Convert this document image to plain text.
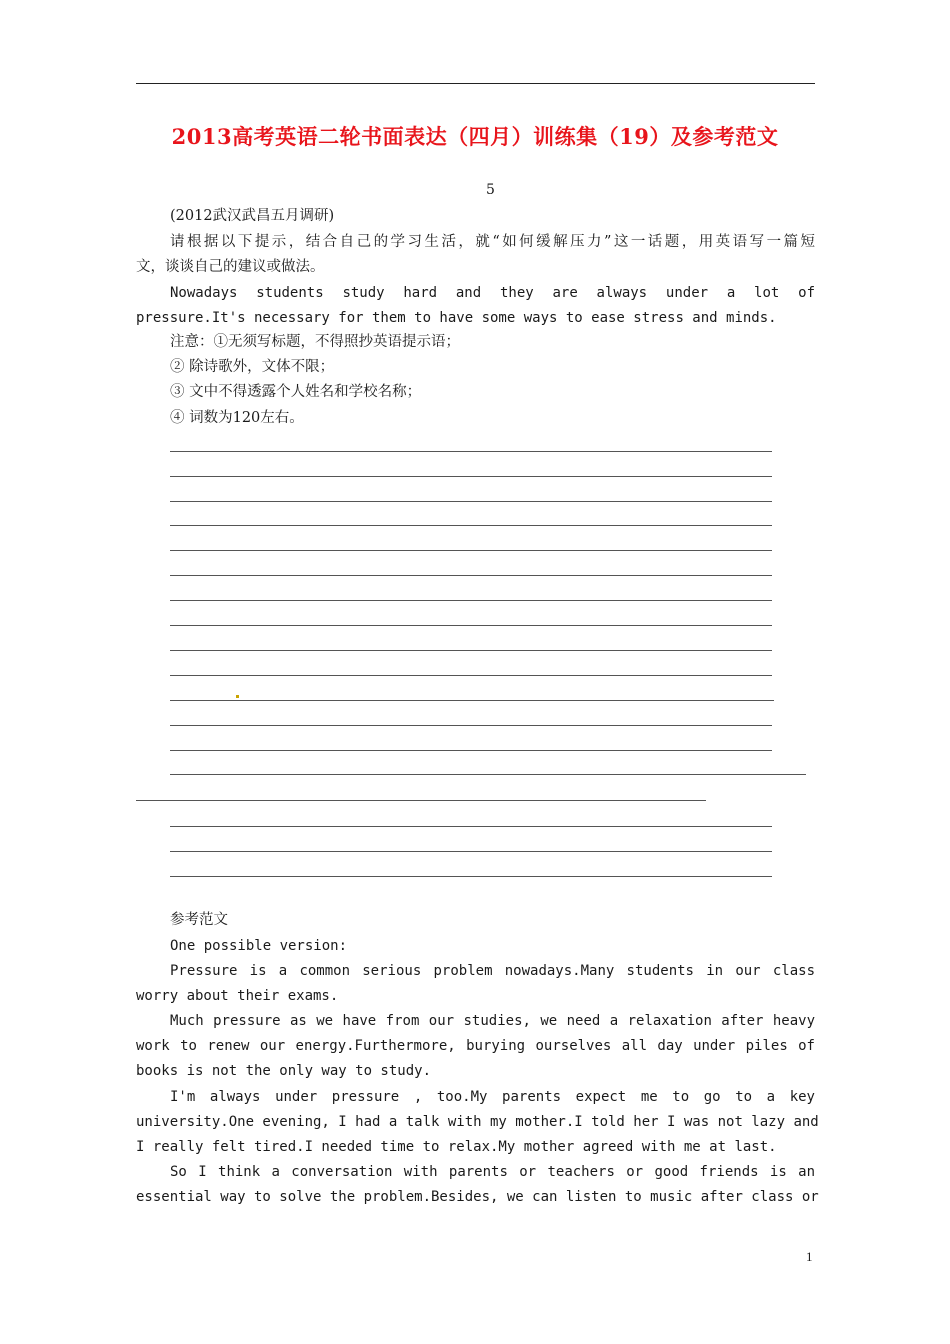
2013高考英语二轮书面表达（四月）训练集（19）及参考范文
5
(2012武汉武昌五月调研)
请根据以下提示，结合自己的学习生活，就“如何缓解压力”这一话题，用英语写一篇短
文，谈谈自己的建议或做法。
Nowadays students study hard and they are always under a lot of
pressure.It's necessary for them to have some ways to ease stress and minds.
注意：①无须写标题，不得照抄英语提示语；
② 除诗歌外，文体不限；
③ 文中不得透露个人姓名和学校名称；
④ 词数为120左右。
参考范文
One possible version:
Pressure is a common serious problem nowadays.Many students in our class
worry about their exams.
Much pressure as we have from our studies, we need a relaxation after heavy
work to renew our energy.Furthermore, burying ourselves all day under piles of
books is not the only way to study.
I'm always under pressure , too.My parents expect me to go to a key
university.One evening, I had a talk with my mother.I told her I was not lazy and
I really felt tired.I needed time to relax.My mother agreed with me at last.
So I think a conversation with parents or teachers or good friends is an
essential way to solve the problem.Besides, we can listen to music after class or
1
